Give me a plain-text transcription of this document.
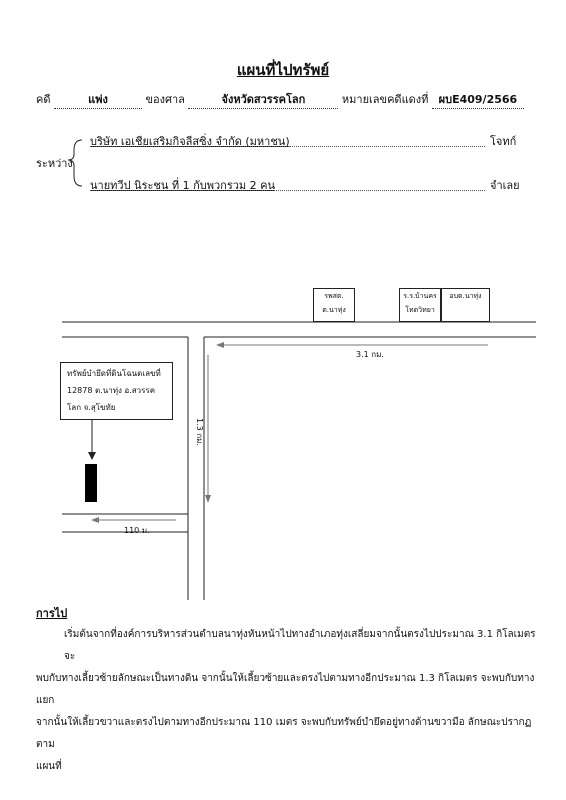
แผนที่ไปทรัพย์
คดี	แพ่ง	ของศาล	จังหวัดสวรรคโลก	หมายเลขคดีแดงที่ ผบE409/2566
บริษัท เอเชียเสริมกิจลีสซิ่ง จำกัด (มหาชน)	โจทก์
ระหว่าง
นายทวีป นิระชน ที่ 1 กับพวกรวม 2 คน	จำเลย
รพสต.
ต.นาทุ่ง
ร.ร.บ้านคร
โทตวิทยา
อบต.นาทุ่ง
ทรัพย์บำยึดที่ดินโฉนดเลขที่
12878 ต.นาทุ่ง อ.สวรรค
โลก จ.สุโขทัย
3.1 กม.
1.3 กม.
110 ม.
การไป
เริ่มต้นจากที่องค์การบริหารส่วนตำบลนาทุ่งหันหน้าไปทางอำเภอทุ่งเสลี่ยมจากนั้นตรงไปประมาณ 3.1 กิโลเมตร จะ
พบกับทางเลี้ยวซ้ายลักษณะเป็นทางดิน จากนั้นให้เลี้ยวซ้ายและตรงไปตามทางอีกประมาณ 1.3 กิโลเมตร จะพบกับทางแยก
จากนั้นให้เลี้ยวขวาและตรงไปตามทางอีกประมาณ 110 เมตร จะพบกับทรัพย์บำยึดอยู่ทางด้านขวามือ ลักษณะปรากฏตาม
แผนที่
